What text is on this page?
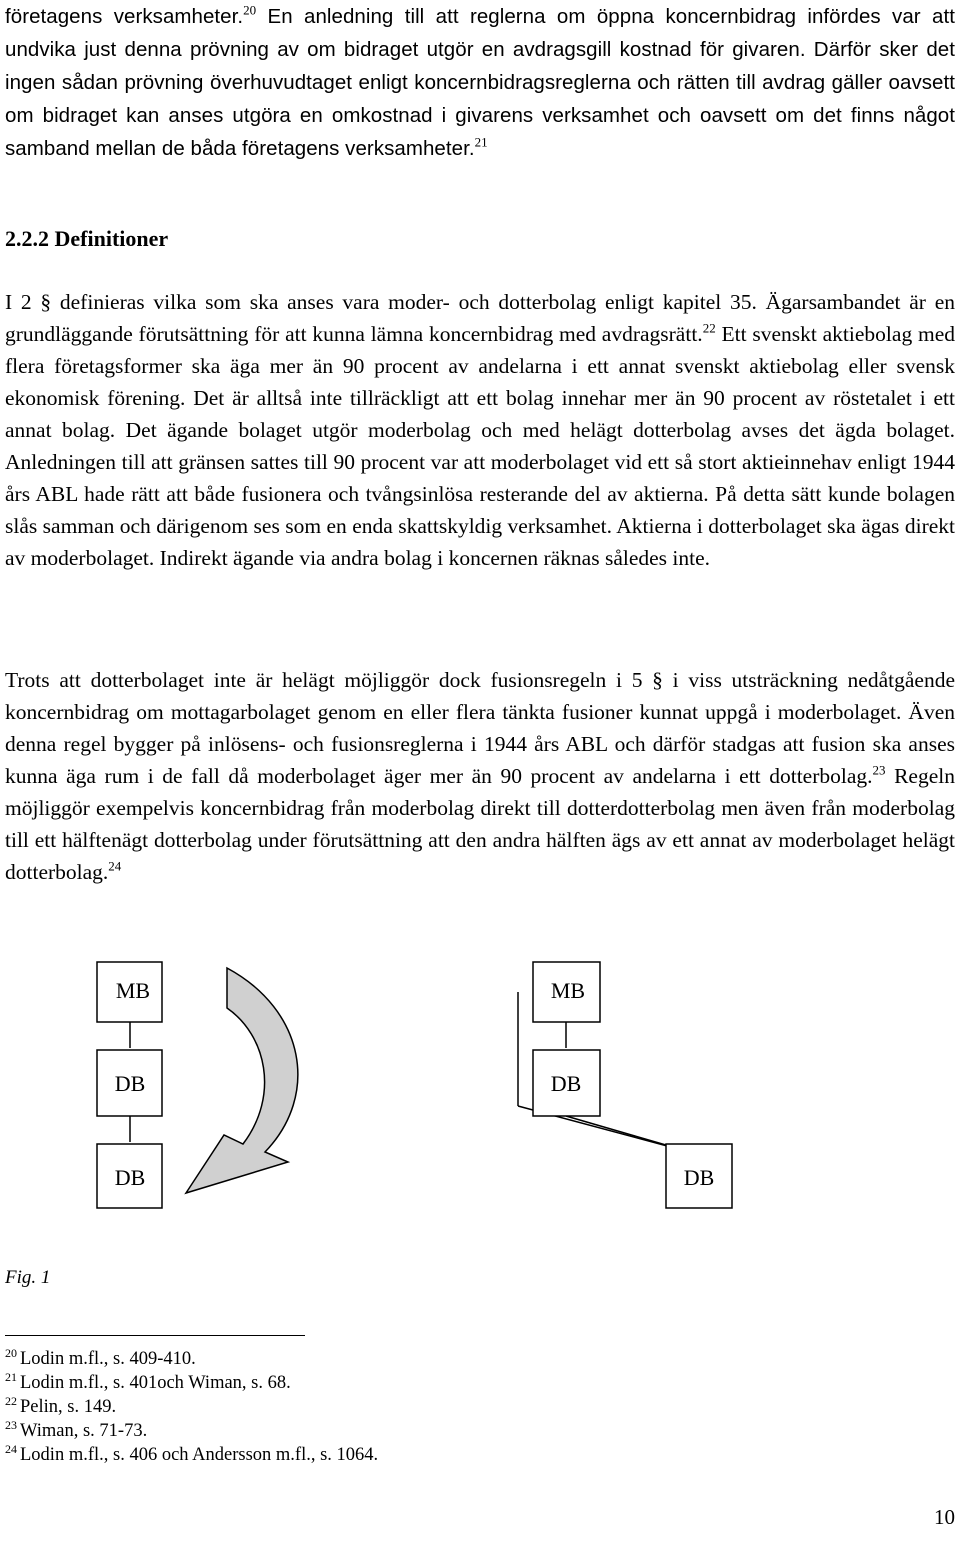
företagens verksamheter.$^{20}$ En anledning till att reglerna om öppna koncernbidrag infördes var att undvika just denna prövning av om bidraget utgör en avdragsgill kostnad för givaren. Därför sker det ingen sådan prövning överhuvudtaget enligt koncernbidragsreglerna och rätten till avdrag gäller oavsett om bidraget kan anses utgöra en omkostnad i givarens verksamhet och oavsett om det finns något samband mellan de båda företagens verksamheter.$^{21}$

2.2.2 Definitioner

I 2 § definieras vilka som ska anses vara moder- och dotterbolag enligt kapitel 35. Ägarsambandet är en grundläggande förutsättning för att kunna lämna koncernbidrag med avdragsrätt.$^{22}$ Ett svenskt aktiebolag med flera företagsformer ska äga mer än 90 procent av andelarna i ett annat svenskt aktiebolag eller svensk ekonomisk förening. Det är alltså inte tillräckligt att ett bolag innehar mer än 90 procent av röstetalet i ett annat bolag. Det ägande bolaget utgör moderbolag och med helägt dotterbolag avses det ägda bolaget. Anledningen till att gränsen sattes till 90 procent var att moderbolaget vid ett så stort aktieinnehav enligt 1944 års ABL hade rätt att både fusionera och tvångsinlösa resterande del av aktierna. På detta sätt kunde bolagen slås samman och därigenom ses som en enda skattskyldig verksamhet. Aktierna i dotterbolaget ska ägas direkt av moderbolaget. Indirekt ägande via andra bolag i koncernen räknas således inte.

Trots att dotterbolaget inte är helägt möjliggör dock fusionsregeln i 5 § i viss utsträckning nedåtgående koncernbidrag om mottagarbolaget genom en eller flera tänkta fusioner kunnat uppgå i moderbolaget. Även denna regel bygger på inlösens- och fusionsreglerna i 1944 års ABL och därför stadgas att fusion ska anses kunna äga rum i de fall då moderbolaget äger mer än 90 procent av andelarna i ett dotterbolag.$^{23}$ Regeln möjliggör exempelvis koncernbidrag från moderbolag direkt till dotterdotterbolag men även från moderbolag till ett hälftenägt dotterbolag under förutsättning att den andra hälften ägs av ett annat av moderbolaget helägt dotterbolag.$^{24}$

MB
DB
DB
MB
DB
DB

Fig. 1

$^{20}$ Lodin m.fl., s. 409-410.
$^{21}$ Lodin m.fl., s. 401och Wiman, s. 68.
$^{22}$ Pelin, s. 149.
$^{23}$ Wiman, s. 71-73.
$^{24}$ Lodin m.fl., s. 406 och Andersson m.fl., s. 1064.

10
